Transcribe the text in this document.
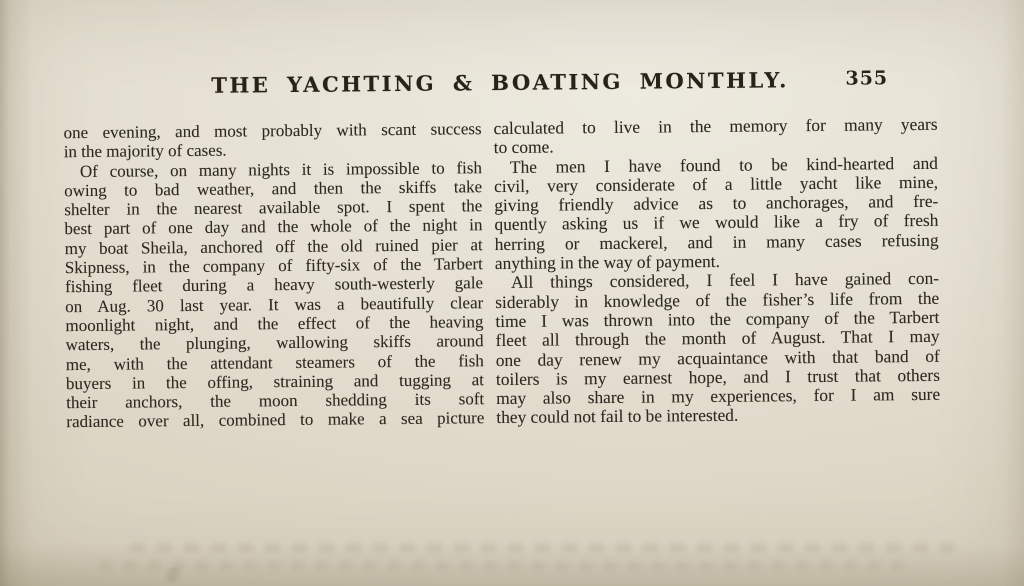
THE YACHTING & BOATING MONTHLY.	355
one evening, and most probably with scant success
in the majority of cases.
Of course, on many nights it is impossible to fish
owing to bad weather, and then the skiffs take
shelter in the nearest available spot. I spent the
best part of one day and the whole of the night in
my boat Sheila, anchored off the old ruined pier at
Skipness, in the company of fifty-six of the Tarbert
fishing fleet during a heavy south-westerly gale
on Aug. 30 last year. It was a beautifully clear
moonlight night, and the effect of the heaving
waters, the plunging, wallowing skiffs around
me, with the attendant steamers of the fish
buyers in the offing, straining and tugging at
their anchors, the moon shedding its soft
radiance over all, combined to make a sea picture
calculated to live in the memory for many years
to come.
The men I have found to be kind-hearted and
civil, very considerate of a little yacht like mine,
giving friendly advice as to anchorages, and fre-
quently asking us if we would like a fry of fresh
herring or mackerel, and in many cases refusing
anything in the way of payment.
All things considered, I feel I have gained con-
siderably in knowledge of the fisher’s life from the
time I was thrown into the company of the Tarbert
fleet all through the month of August. That I may
one day renew my acquaintance with that band of
toilers is my earnest hope, and I trust that others
may also share in my experiences, for I am sure
they could not fail to be interested.
